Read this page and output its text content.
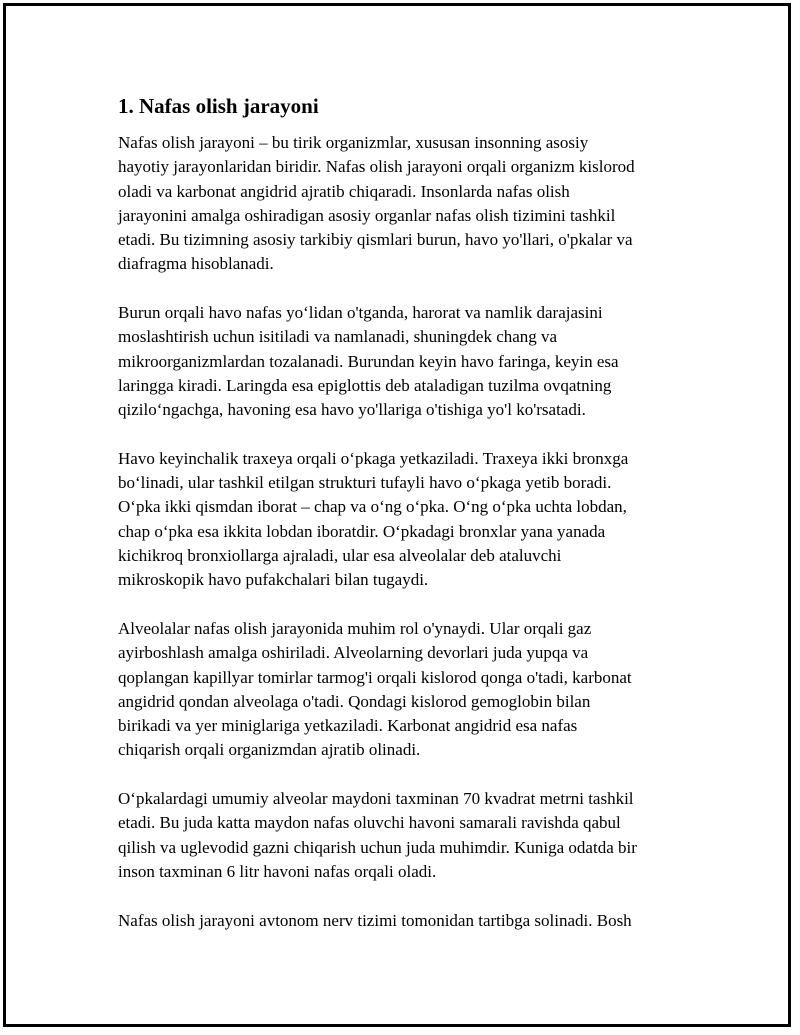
1. Nafas olish jarayoni

Nafas olish jarayoni – bu tirik organizmlar, xususan insonning asosiy
hayotiy jarayonlaridan biridir. Nafas olish jarayoni orqali organizm kislorod
oladi va karbonat angidrid ajratib chiqaradi. Insonlarda nafas olish
jarayonini amalga oshiradigan asosiy organlar nafas olish tizimini tashkil
etadi. Bu tizimning asosiy tarkibiy qismlari burun, havo yo'llari, o'pkalar va
diafragma hisoblanadi.

Burun orqali havo nafas yo‘lidan o'tganda, harorat va namlik darajasini
moslashtirish uchun isitiladi va namlanadi, shuningdek chang va
mikroorganizmlardan tozalanadi. Burundan keyin havo faringa, keyin esa
laringga kiradi. Laringda esa epiglottis deb ataladigan tuzilma ovqatning
qizilo‘ngachga, havoning esa havo yo'llariga o'tishiga yo'l ko'rsatadi.

Havo keyinchalik traxeya orqali o‘pkaga yetkaziladi. Traxeya ikki bronxga
bo‘linadi, ular tashkil etilgan strukturi tufayli havo o‘pkaga yetib boradi.
O‘pka ikki qismdan iborat – chap va o‘ng o‘pka. O‘ng o‘pka uchta lobdan,
chap o‘pka esa ikkita lobdan iboratdir. O‘pkadagi bronxlar yana yanada
kichikroq bronxiollarga ajraladi, ular esa alveolalar deb ataluvchi
mikroskopik havo pufakchalari bilan tugaydi.

Alveolalar nafas olish jarayonida muhim rol o'ynaydi. Ular orqali gaz
ayirboshlash amalga oshiriladi. Alveolarning devorlari juda yupqa va
qoplangan kapillyar tomirlar tarmog'i orqali kislorod qonga o'tadi, karbonat
angidrid qondan alveolaga o'tadi. Qondagi kislorod gemoglobin bilan
birikadi va yer miniglariga yetkaziladi. Karbonat angidrid esa nafas
chiqarish orqali organizmdan ajratib olinadi.

O‘pkalardagi umumiy alveolar maydoni taxminan 70 kvadrat metrni tashkil
etadi. Bu juda katta maydon nafas oluvchi havoni samarali ravishda qabul
qilish va uglevodid gazni chiqarish uchun juda muhimdir. Kuniga odatda bir
inson taxminan 6 litr havoni nafas orqali oladi.

Nafas olish jarayoni avtonom nerv tizimi tomonidan tartibga solinadi. Bosh
